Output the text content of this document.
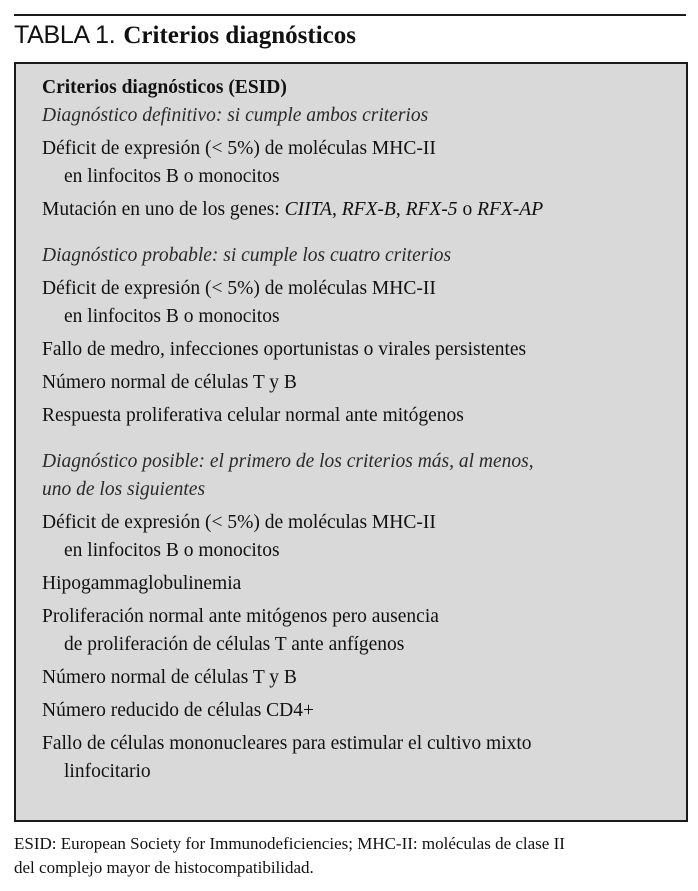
TABLA 1. Criterios diagnósticos
Criterios diagnósticos (ESID)
Diagnóstico definitivo: si cumple ambos criterios
Déficit de expresión (< 5%) de moléculas MHC-II
en linfocitos B o monocitos
Mutación en uno de los genes: CIITA, RFX-B, RFX-5 o RFX-AP
Diagnóstico probable: si cumple los cuatro criterios
Déficit de expresión (< 5%) de moléculas MHC-II
en linfocitos B o monocitos
Fallo de medro, infecciones oportunistas o virales persistentes
Número normal de células T y B
Respuesta proliferativa celular normal ante mitógenos
Diagnóstico posible: el primero de los criterios más, al menos,
uno de los siguientes
Déficit de expresión (< 5%) de moléculas MHC-II
en linfocitos B o monocitos
Hipogammaglobulinemia
Proliferación normal ante mitógenos pero ausencia
de proliferación de células T ante anfígenos
Número normal de células T y B
Número reducido de células CD4+
Fallo de células mononucleares para estimular el cultivo mixto
linfocitario
ESID: European Society for Immunodeficiencies; MHC-II: moléculas de clase II
del complejo mayor de histocompatibilidad.
